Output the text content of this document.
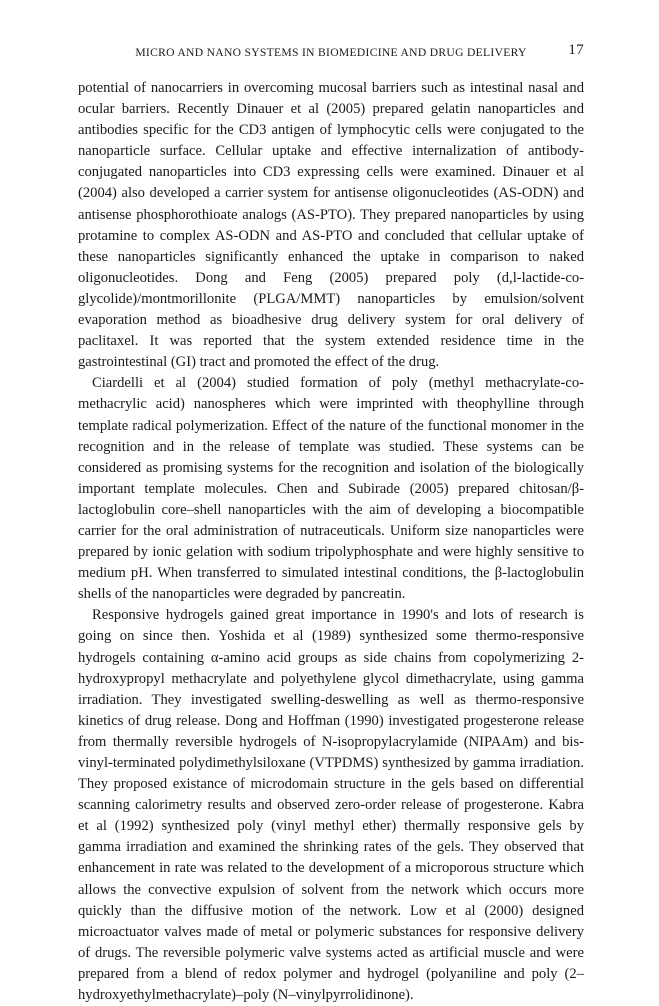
MICRO AND NANO SYSTEMS IN BIOMEDICINE AND DRUG DELIVERY	17

potential of nanocarriers in overcoming mucosal barriers such as intestinal nasal and ocular barriers. Recently Dinauer et al (2005) prepared gelatin nanoparticles and antibodies specific for the CD3 antigen of lymphocytic cells were conjugated to the nanoparticle surface. Cellular uptake and effective internalization of antibody-conjugated nanoparticles into CD3 expressing cells were examined. Dinauer et al (2004) also developed a carrier system for antisense oligonucleotides (AS-ODN) and antisense phosphorothioate analogs (AS-PTO). They prepared nanoparticles by using protamine to complex AS-ODN and AS-PTO and concluded that cellular uptake of these nanoparticles significantly enhanced the uptake in comparison to naked oligonucleotides. Dong and Feng (2005) prepared poly (d,l-lactide-co-glycolide)/montmorillonite (PLGA/MMT) nanoparticles by emulsion/solvent evaporation method as bioadhesive drug delivery system for oral delivery of paclitaxel. It was reported that the system extended residence time in the gastrointestinal (GI) tract and promoted the effect of the drug.

Ciardelli et al (2004) studied formation of poly (methyl methacrylate-co-methacrylic acid) nanospheres which were imprinted with theophylline through template radical polymerization. Effect of the nature of the functional monomer in the recognition and in the release of template was studied. These systems can be considered as promising systems for the recognition and isolation of the biologically important template molecules. Chen and Subirade (2005) prepared chitosan/β-lactoglobulin core–shell nanoparticles with the aim of developing a biocompatible carrier for the oral administration of nutraceuticals. Uniform size nanoparticles were prepared by ionic gelation with sodium tripolyphosphate and were highly sensitive to medium pH. When transferred to simulated intestinal conditions, the β-lactoglobulin shells of the nanoparticles were degraded by pancreatin.

Responsive hydrogels gained great importance in 1990's and lots of research is going on since then. Yoshida et al (1989) synthesized some thermo-responsive hydrogels containing α-amino acid groups as side chains from copolymerizing 2-hydroxypropyl methacrylate and polyethylene glycol dimethacrylate, using gamma irradiation. They investigated swelling-deswelling as well as thermo-responsive kinetics of drug release. Dong and Hoffman (1990) investigated progesterone release from thermally reversible hydrogels of N-isopropylacrylamide (NIPAAm) and bis-vinyl-terminated polydimethylsiloxane (VTPDMS) synthesized by gamma irradiation. They proposed existance of microdomain structure in the gels based on differential scanning calorimetry results and observed zero-order release of progesterone. Kabra et al (1992) synthesized poly (vinyl methyl ether) thermally responsive gels by gamma irradiation and examined the shrinking rates of the gels. They observed that enhancement in rate was related to the development of a microporous structure which allows the convective expulsion of solvent from the network which occurs more quickly than the diffusive motion of the network. Low et al (2000) designed microactuator valves made of metal or polymeric substances for responsive delivery of drugs. The reversible polymeric valve systems acted as artificial muscle and were prepared from a blend of redox polymer and hydrogel (polyaniline and poly (2–hydroxyethylmethacrylate)–poly (N–vinylpyrrolidinone).
